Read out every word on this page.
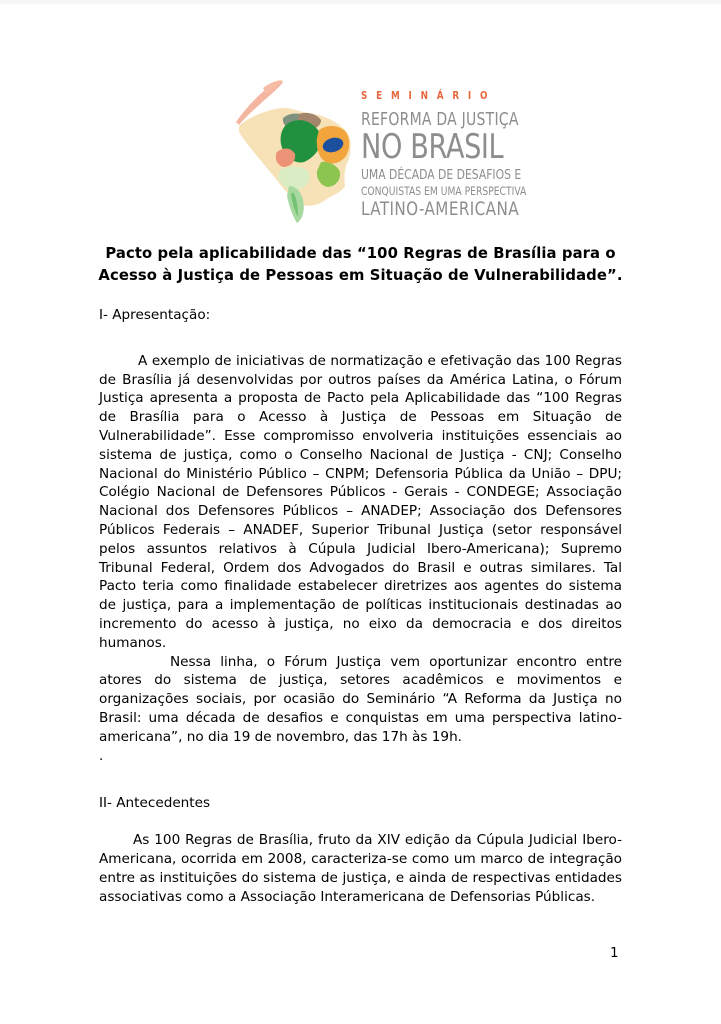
SEMINÁRIO
REFORMA DA JUSTIÇA
NO BRASIL
UMA DÉCADA DE DESAFIOS E
CONQUISTAS EM UMA PERSPECTIVA
LATINO-AMERICANA
Pacto pela aplicabilidade das “100 Regras de Brasília para o Acesso à Justiça de Pessoas em Situação de Vulnerabilidade”.
I- Apresentação:

A exemplo de iniciativas de normatização e efetivação das 100 Regras de Brasília já desenvolvidas por outros países da América Latina, o Fórum Justiça apresenta a proposta de Pacto pela Aplicabilidade das “100 Regras de Brasília para o Acesso à Justiça de Pessoas em Situação de Vulnerabilidade”. Esse compromisso envolveria instituições essenciais ao sistema de justiça, como o Conselho Nacional de Justiça - CNJ; Conselho Nacional do Ministério Público – CNPM; Defensoria Pública da União – DPU; Colégio Nacional de Defensores Públicos - Gerais - CONDEGE; Associação Nacional dos Defensores Públicos – ANADEP; Associação dos Defensores Públicos Federais – ANADEF, Superior Tribunal Justiça (setor responsável pelos assuntos relativos à Cúpula Judicial Ibero-Americana); Supremo Tribunal Federal, Ordem dos Advogados do Brasil e outras similares. Tal Pacto teria como finalidade estabelecer diretrizes aos agentes do sistema de justiça, para a implementação de políticas institucionais destinadas ao incremento do acesso à justiça, no eixo da democracia e dos direitos humanos.

Nessa linha, o Fórum Justiça vem oportunizar encontro entre atores do sistema de justiça, setores acadêmicos e movimentos e organizações sociais, por ocasião do Seminário “A Reforma da Justiça no Brasil: uma década de desafios e conquistas em uma perspectiva latino-americana”, no dia 19 de novembro, das 17h às 19h.

.

II- Antecedentes

As 100 Regras de Brasília, fruto da XIV edição da Cúpula Judicial Ibero-Americana, ocorrida em 2008, caracteriza-se como um marco de integração entre as instituições do sistema de justiça, e ainda de respectivas entidades associativas como a Associação Interamericana de Defensorias Públicas.

1
